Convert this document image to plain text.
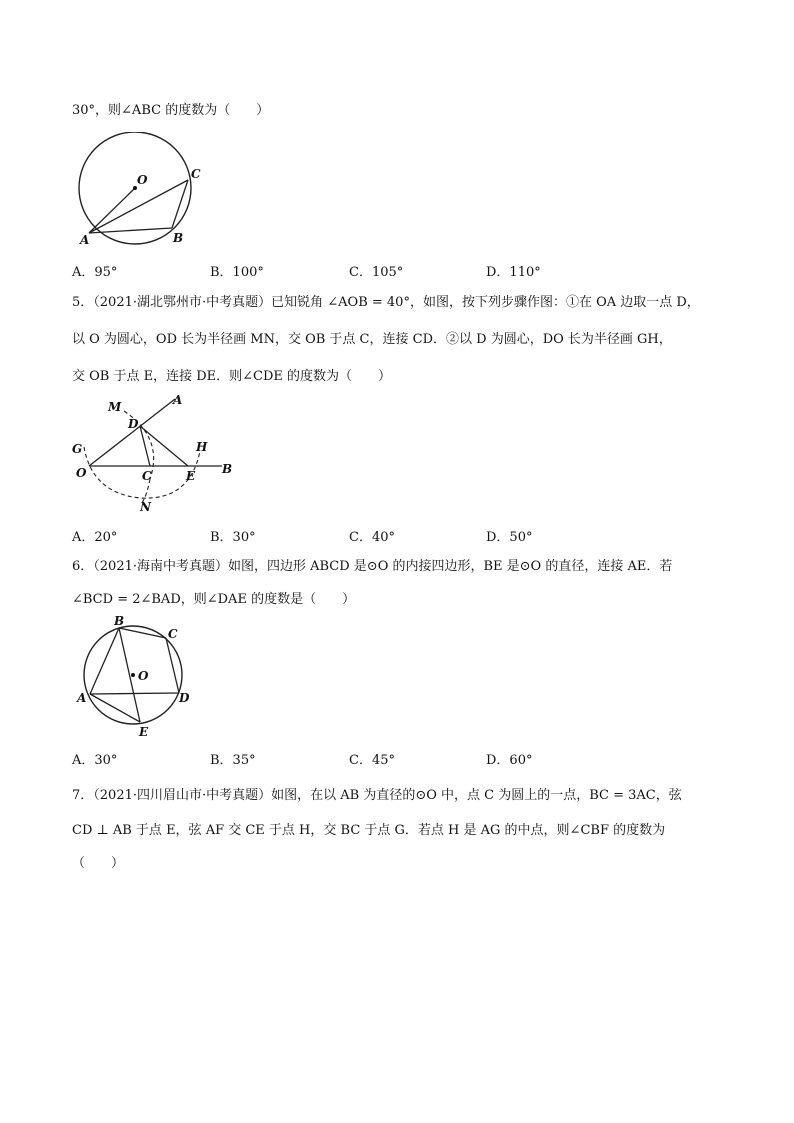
30°，则∠ABC 的度数为（　　）
O	C
A	B
A．95°	B．100°	C．105°	D．110°
5．（2021·湖北鄂州市·中考真题）已知锐角 ∠AOB = 40°，如图，按下列步骤作图：①在 OA 边取一点 D，
以 O 为圆心，OD 长为半径画 MN，交 OB 于点 C，连接 CD．②以 D 为圆心，DO 长为半径画 GH，
交 OB 于点 E，连接 DE．则∠CDE 的度数为（　　）
M	A
D
G	H
O	C	E B
N
A．20°	B．30°	C．40°	D．50°
6．（2021·海南中考真题）如图，四边形 ABCD 是⊙O 的内接四边形，BE 是⊙O 的直径，连接 AE．若
∠BCD = 2∠BAD，则∠DAE 的度数是（　　）
B
C
O
A	D
E
A．30°	B．35°	C．45°	D．60°
7．（2021·四川眉山市·中考真题）如图，在以 AB 为直径的⊙O 中，点 C 为圆上的一点，BC = 3AC，弦
CD ⊥ AB 于点 E，弦 AF 交 CE 于点 H，交 BC 于点 G．若点 H 是 AG 的中点，则∠CBF 的度数为
（　　）
